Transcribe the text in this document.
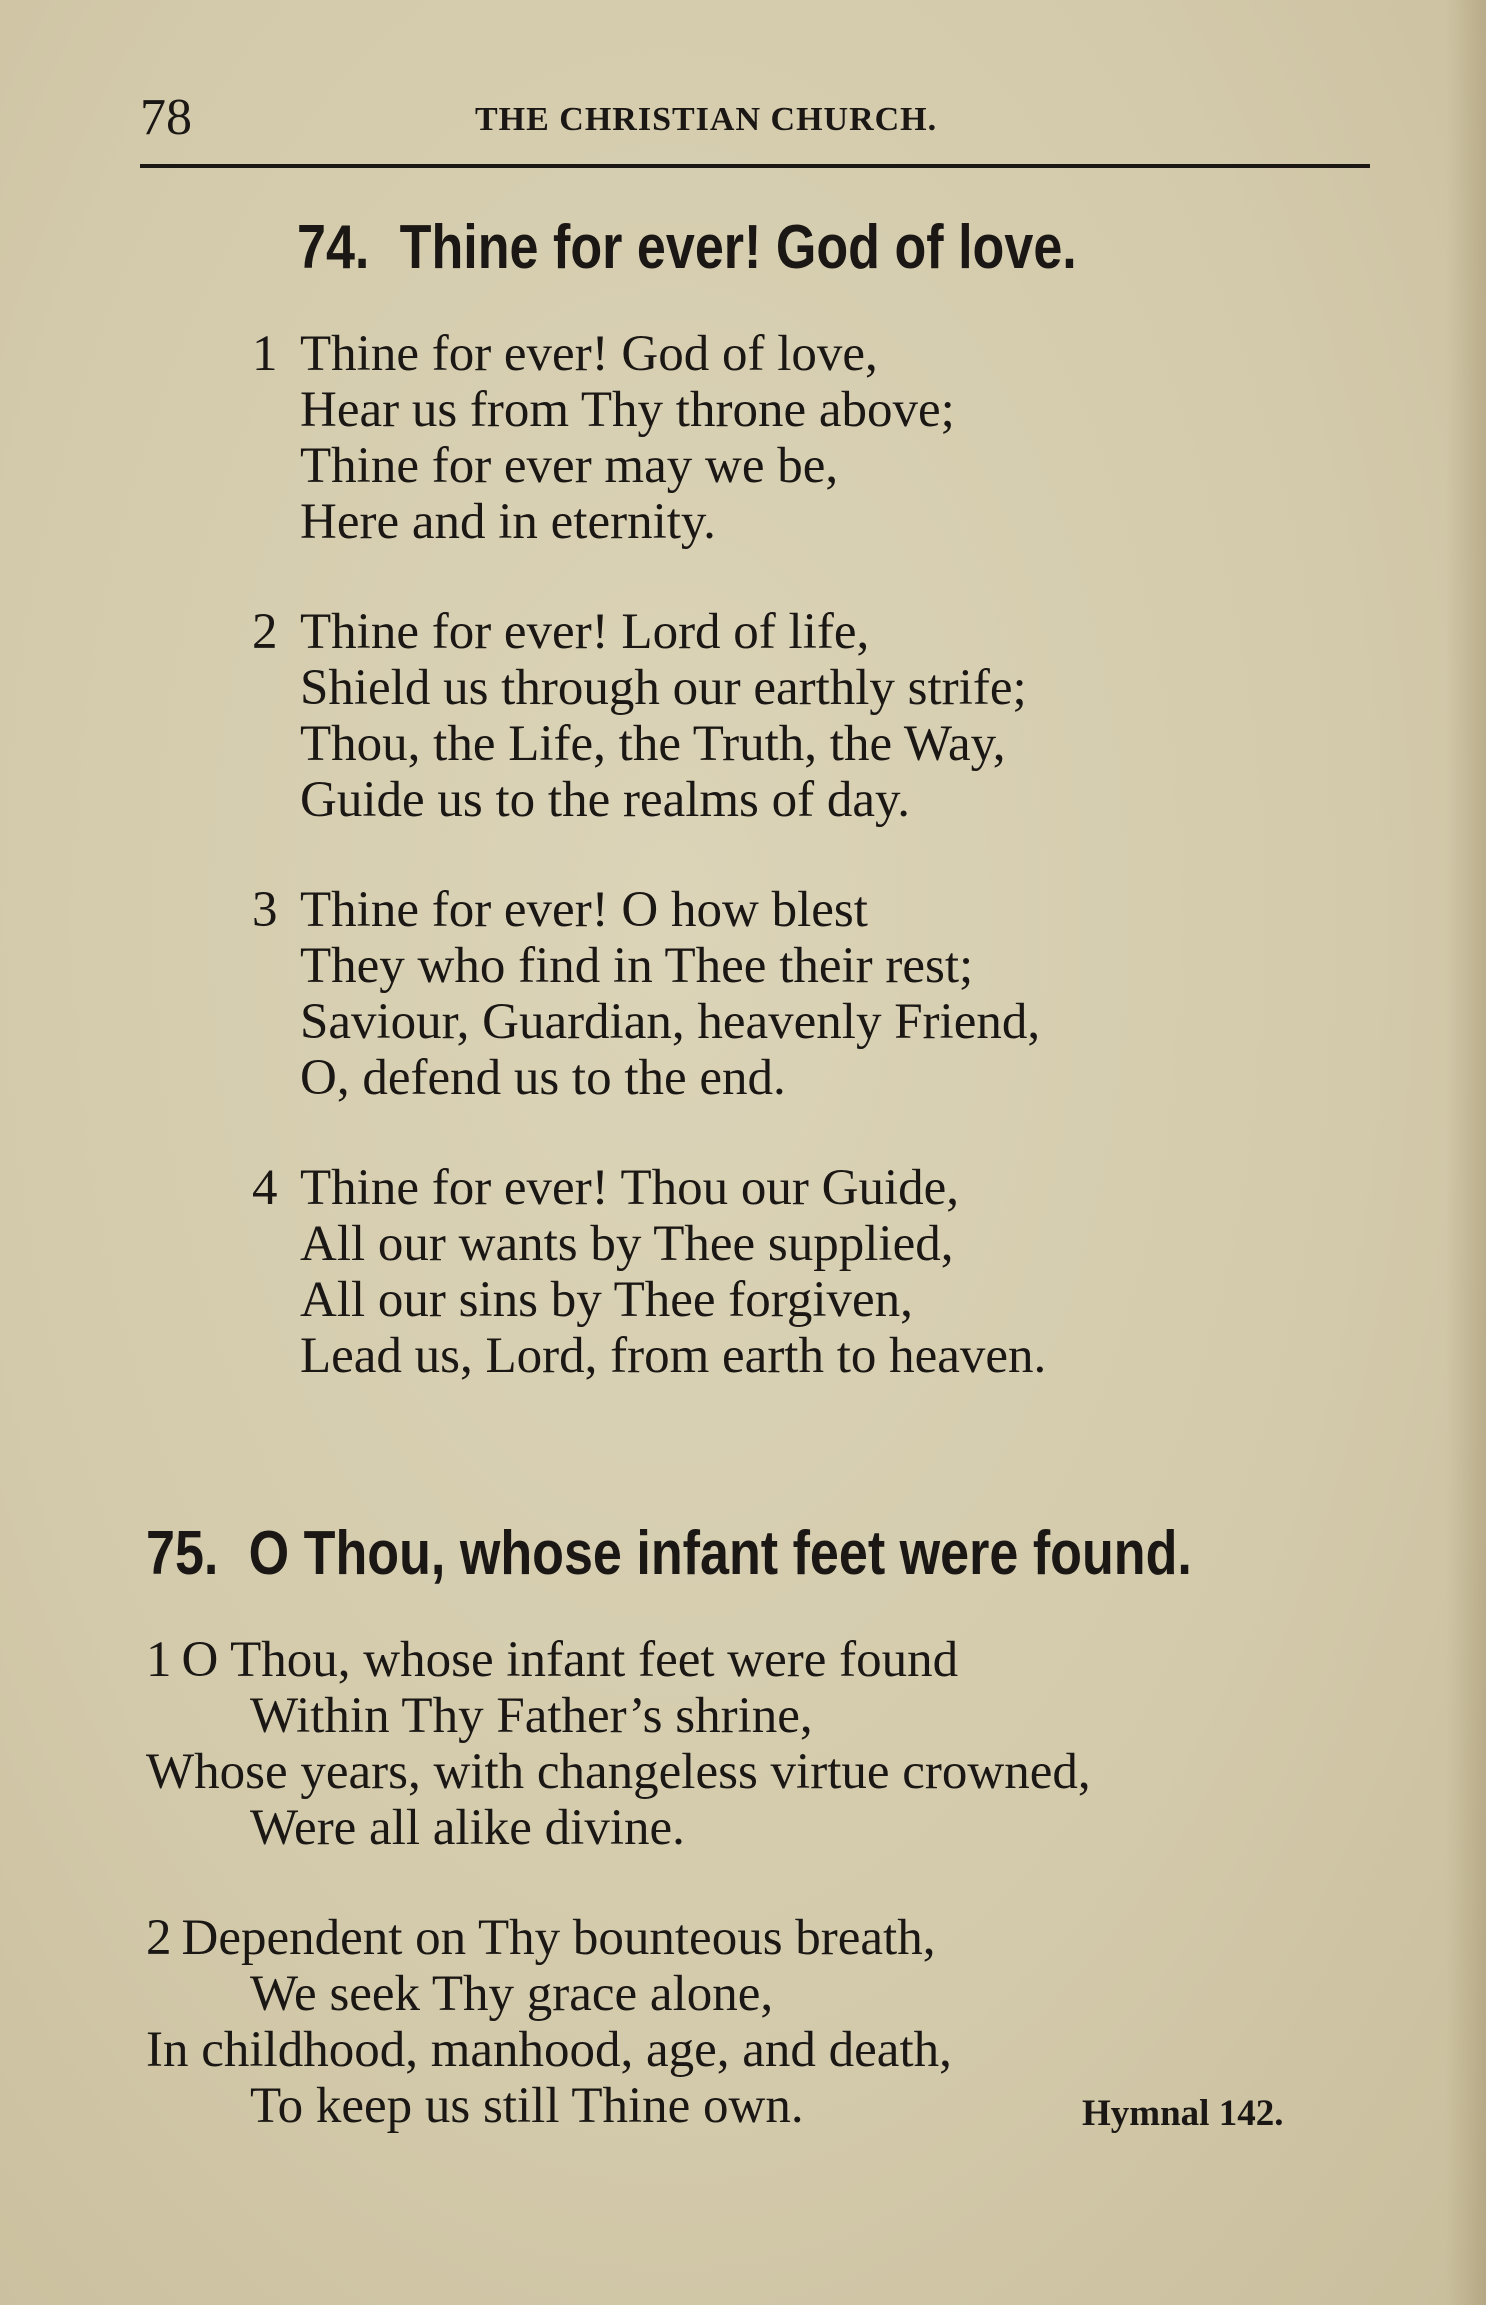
78	THE CHRISTIAN CHURCH.
74. Thine for ever! God of love.
1 Thine for ever! God of love,
Hear us from Thy throne above;
Thine for ever may we be,
Here and in eternity.
2 Thine for ever! Lord of life,
Shield us through our earthly strife;
Thou, the Life, the Truth, the Way,
Guide us to the realms of day.
3 Thine for ever! O how blest
They who find in Thee their rest;
Saviour, Guardian, heavenly Friend,
O, defend us to the end.
4 Thine for ever! Thou our Guide,
All our wants by Thee supplied,
All our sins by Thee forgiven,
Lead us, Lord, from earth to heaven.
75. O Thou, whose infant feet were found.
1 O Thou, whose infant feet were found
Within Thy Father’s shrine,
Whose years, with changeless virtue crowned,
Were all alike divine.
2 Dependent on Thy bounteous breath,
We seek Thy grace alone,
In childhood, manhood, age, and death,
To keep us still Thine own.	Hymnal 142.
